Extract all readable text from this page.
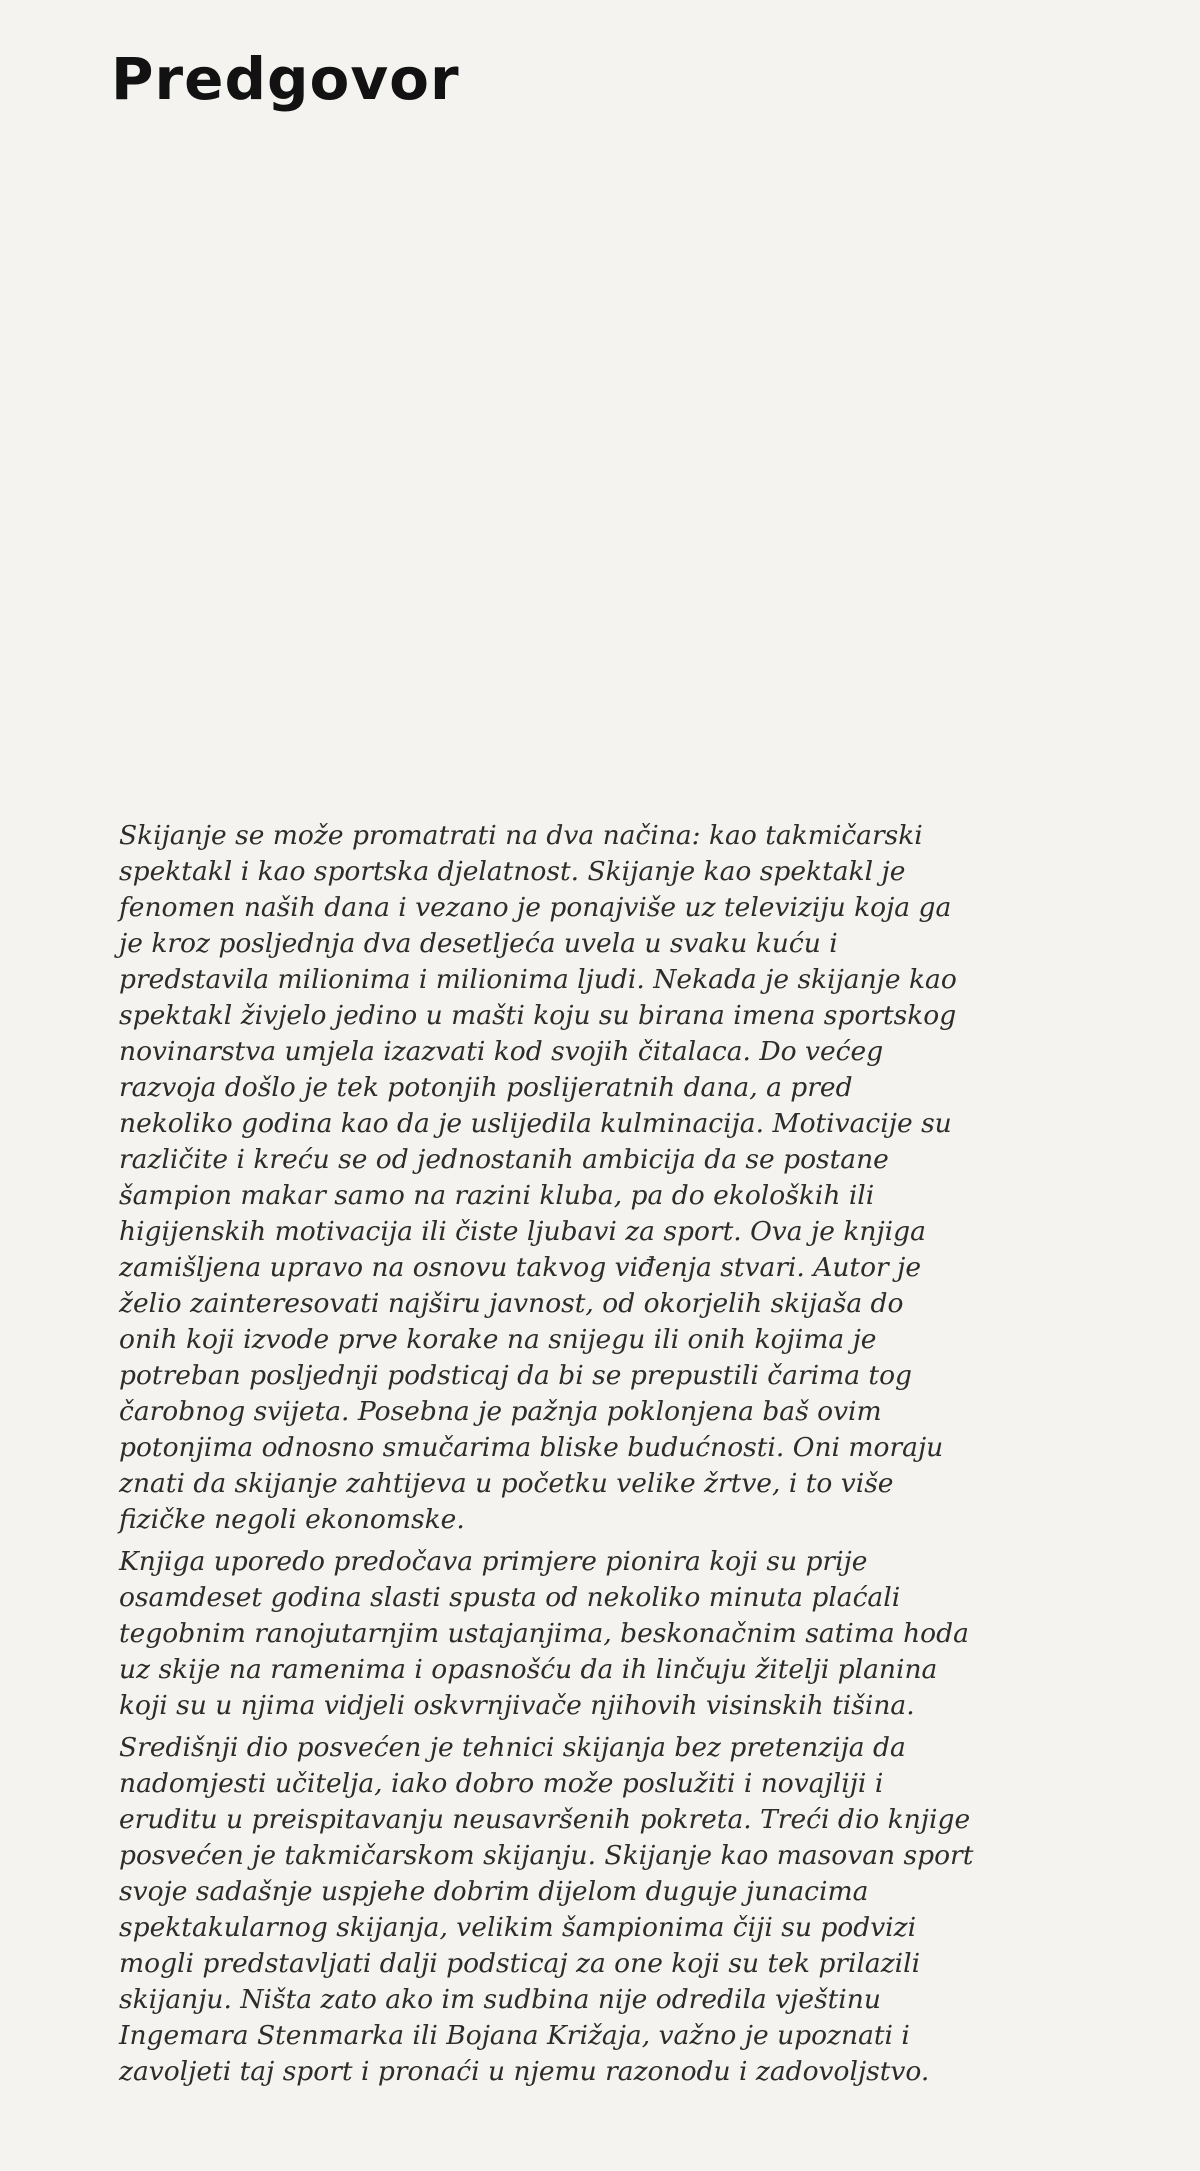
Predgovor

Skijanje se može promatrati na dva načina: kao takmičarski
spektakl i kao sportska djelatnost. Skijanje kao spektakl je
fenomen naših dana i vezano je ponajviše uz televiziju koja ga
je kroz posljednja dva desetljeća uvela u svaku kuću i
predstavila milionima i milionima ljudi. Nekada je skijanje kao
spektakl živjelo jedino u mašti koju su birana imena sportskog
novinarstva umjela izazvati kod svojih čitalaca. Do većeg
razvoja došlo je tek potonjih poslijeratnih dana, a pred
nekoliko godina kao da je uslijedila kulminacija. Motivacije su
različite i kreću se od jednostanih ambicija da se postane
šampion makar samo na razini kluba, pa do ekoloških ili
higijenskih motivacija ili čiste ljubavi za sport. Ova je knjiga
zamišljena upravo na osnovu takvog viđenja stvari. Autor je
želio zainteresovati najširu javnost, od okorjelih skijaša do
onih koji izvode prve korake na snijegu ili onih kojima je
potreban posljednji podsticaj da bi se prepustili čarima tog
čarobnog svijeta. Posebna je pažnja poklonjena baš ovim
potonjima odnosno smučarima bliske budućnosti. Oni moraju
znati da skijanje zahtijeva u početku velike žrtve, i to više
fizičke negoli ekonomske.

Knjiga uporedo predočava primjere pionira koji su prije
osamdeset godina slasti spusta od nekoliko minuta plaćali
tegobnim ranojutarnjim ustajanjima, beskonačnim satima hoda
uz skije na ramenima i opasnošću da ih linčuju žitelji planina
koji su u njima vidjeli oskvrnjivače njihovih visinskih tišina.

Središnji dio posvećen je tehnici skijanja bez pretenzija da
nadomjesti učitelja, iako dobro može poslužiti i novajliji i
eruditu u preispitavanju neusavršenih pokreta. Treći dio knjige
posvećen je takmičarskom skijanju. Skijanje kao masovan sport
svoje sadašnje uspjehe dobrim dijelom duguje junacima
spektakularnog skijanja, velikim šampionima čiji su podvizi
mogli predstavljati dalji podsticaj za one koji su tek prilazili
skijanju. Ništa zato ako im sudbina nije odredila vještinu
Ingemara Stenmarka ili Bojana Križaja, važno je upoznati i
zavoljeti taj sport i pronaći u njemu razonodu i zadovoljstvo.
